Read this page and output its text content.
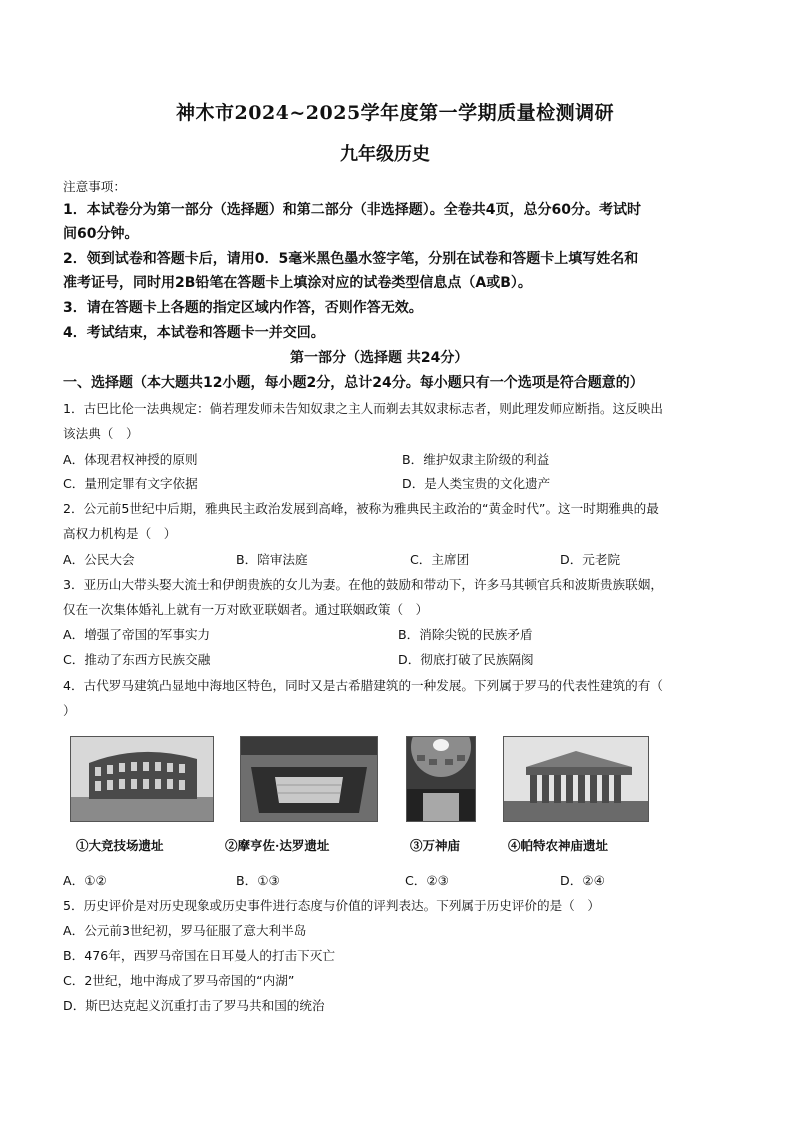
神木市2024~2025学年度第一学期质量检测调研
九年级历史
注意事项：
1．本试卷分为第一部分（选择题）和第二部分（非选择题）。全卷共4页，总分60分。考试时
间60分钟。
2．领到试卷和答题卡后，请用0．5毫米黑色墨水签字笔，分别在试卷和答题卡上填写姓名和
准考证号，同时用2B铅笔在答题卡上填涂对应的试卷类型信息点（A或B）。
3．请在答题卡上各题的指定区域内作答，否则作答无效。
4．考试结束，本试卷和答题卡一并交回。
第一部分（选择题 共24分）
一、选择题（本大题共12小题，每小题2分，总计24分。每小题只有一个选项是符合题意的）
1．古巴比伦一法典规定：倘若理发师未告知奴隶之主人而剃去其奴隶标志者，则此理发师应断指。这反映出
该法典（　）
A．体现君权神授的原则	B．维护奴隶主阶级的利益
C．量刑定罪有文字依据	D．是人类宝贵的文化遗产
2．公元前5世纪中后期，雅典民主政治发展到高峰，被称为雅典民主政治的“黄金时代”。这一时期雅典的最
高权力机构是（　）
A．公民大会	B．陪审法庭	C．主席团	D．元老院
3．亚历山大带头娶大流士和伊朗贵族的女儿为妻。在他的鼓励和带动下，许多马其顿官兵和波斯贵族联姻，
仅在一次集体婚礼上就有一万对欧亚联姻者。通过联姻政策（　）
A．增强了帝国的军事实力	B．消除尖锐的民族矛盾
C．推动了东西方民族交融	D．彻底打破了民族隔阂
4．古代罗马建筑凸显地中海地区特色，同时又是古希腊建筑的一种发展。下列属于罗马的代表性建筑的有（
）
①大竞技场遗址	②摩亨佐·达罗遗址	③万神庙	④帕特农神庙遗址
A．①②	B．①③	C．②③	D．②④
5．历史评价是对历史现象或历史事件进行态度与价值的评判表达。下列属于历史评价的是（　）
A．公元前3世纪初，罗马征服了意大利半岛
B．476年，西罗马帝国在日耳曼人的打击下灭亡
C．2世纪，地中海成了罗马帝国的“内湖”
D．斯巴达克起义沉重打击了罗马共和国的统治
